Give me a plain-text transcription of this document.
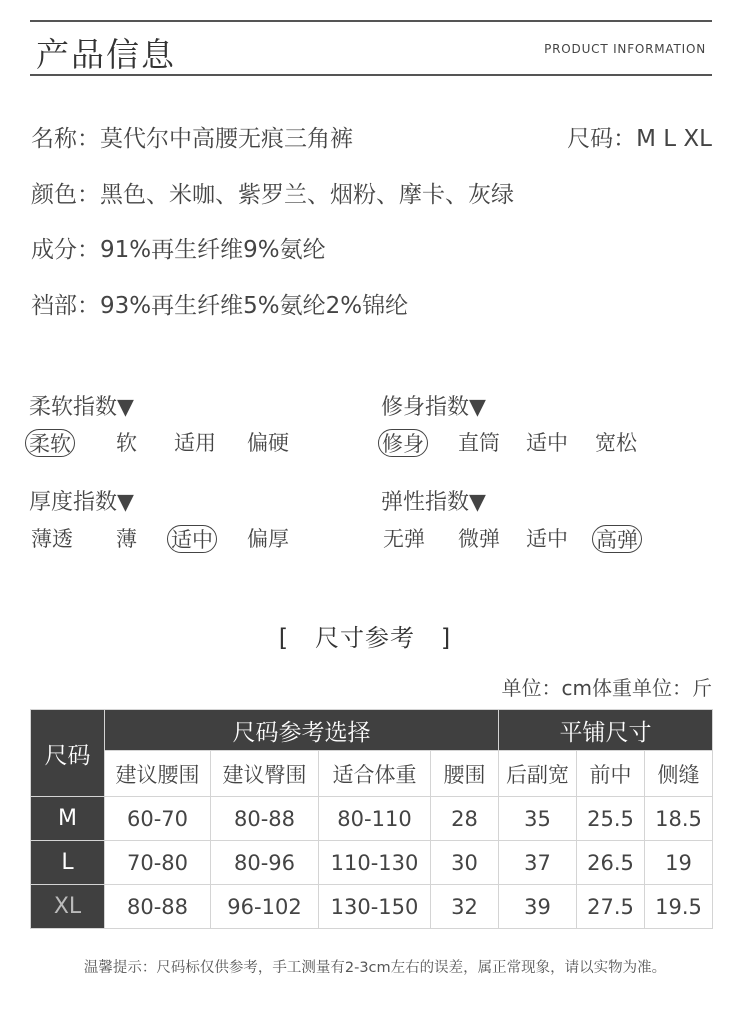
产品信息	PRODUCT INFORMATION
名称：莫代尔中高腰无痕三角裤	尺码：M L XL
颜色：黑色、米咖、紫罗兰、烟粉、摩卡、灰绿
成分：91%再生纤维9%氨纶
裆部：93%再生纤维5%氨纶2%锦纶
柔软指数▼
柔软 软 适用 偏硬
修身指数▼
修身 直筒 适中 宽松
厚度指数▼
薄透 薄 适中 偏厚
弹性指数▼
无弹 微弹 适中 高弹
[   尺寸参考   ]
单位：cm体重单位：斤
尺码	尺码参考选择				平铺尺寸		
	建议腰围	建议臀围	适合体重	腰围	后副宽	前中	侧缝
M	60-70	80-88	80-110	28	35	25.5	18.5
L	70-80	80-96	110-130	30	37	26.5	19
XL	80-88	96-102	130-150	32	39	27.5	19.5
温馨提示：尺码标仅供参考，手工测量有2-3cm左右的误差，属正常现象，请以实物为准。
